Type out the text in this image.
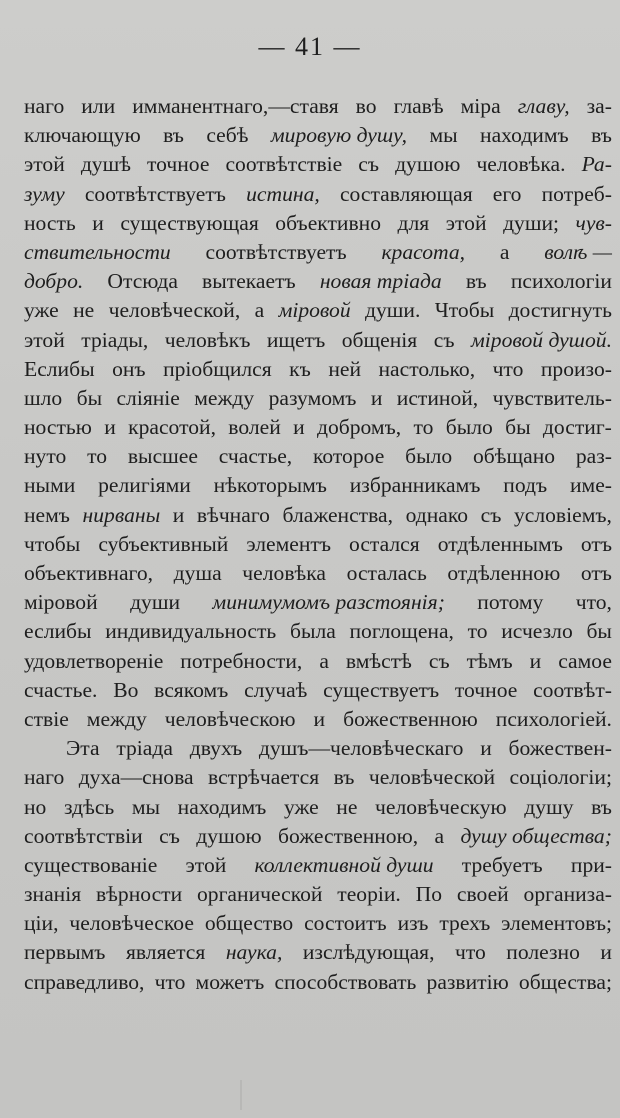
— 41 —
наго или имманентнаго,—ставя во главѣ міра главу, за-
ключающую въ себѣ мировую душу, мы находимъ въ
этой душѣ точное соотвѣтствіе съ душою человѣка. Ра-
зуму соотвѣтствуетъ истина, составляющая его потреб-
ность и существующая объективно для этой души; чув-
ствительности соотвѣтствуетъ красота, а волѣ —
добро. Отсюда вытекаетъ новая тріада въ психологіи
уже не человѣческой, а міровой души. Чтобы достигнуть
этой тріады, человѣкъ ищетъ общенія съ міровой душой.
Еслибы онъ пріобщился къ ней настолько, что произо-
шло бы сліяніе между разумомъ и истиной, чувствитель-
ностью и красотой, волей и добромъ, то было бы достиг-
нуто то высшее счастье, которое было обѣщано раз-
ными религіями нѣкоторымъ избранникамъ подъ име-
немъ нирваны и вѣчнаго блаженства, однако съ условіемъ,
чтобы субъективный элементъ остался отдѣленнымъ отъ
объективнаго, душа человѣка осталась отдѣленною отъ
міровой души минимумомъ разстоянія; потому что,
еслибы индивидуальность была поглощена, то исчезло бы
удовлетвореніе потребности, а вмѣстѣ съ тѣмъ и самое
счастье. Во всякомъ случаѣ существуетъ точное соотвѣт-
ствіе между человѣческою и божественною психологіей.
Эта тріада двухъ душъ—человѣческаго и божествен-
наго духа—снова встрѣчается въ человѣческой соціологіи;
но здѣсь мы находимъ уже не человѣческую душу въ
соотвѣтствіи съ душою божественною, а душу общества;
существованіе этой коллективной души требуетъ при-
знанія вѣрности органической теоріи. По своей организа-
ціи, человѣческое общество состоитъ изъ трехъ элементовъ;
первымъ является наука, изслѣдующая, что полезно и
справедливо, что можетъ способствовать развитію общества;
